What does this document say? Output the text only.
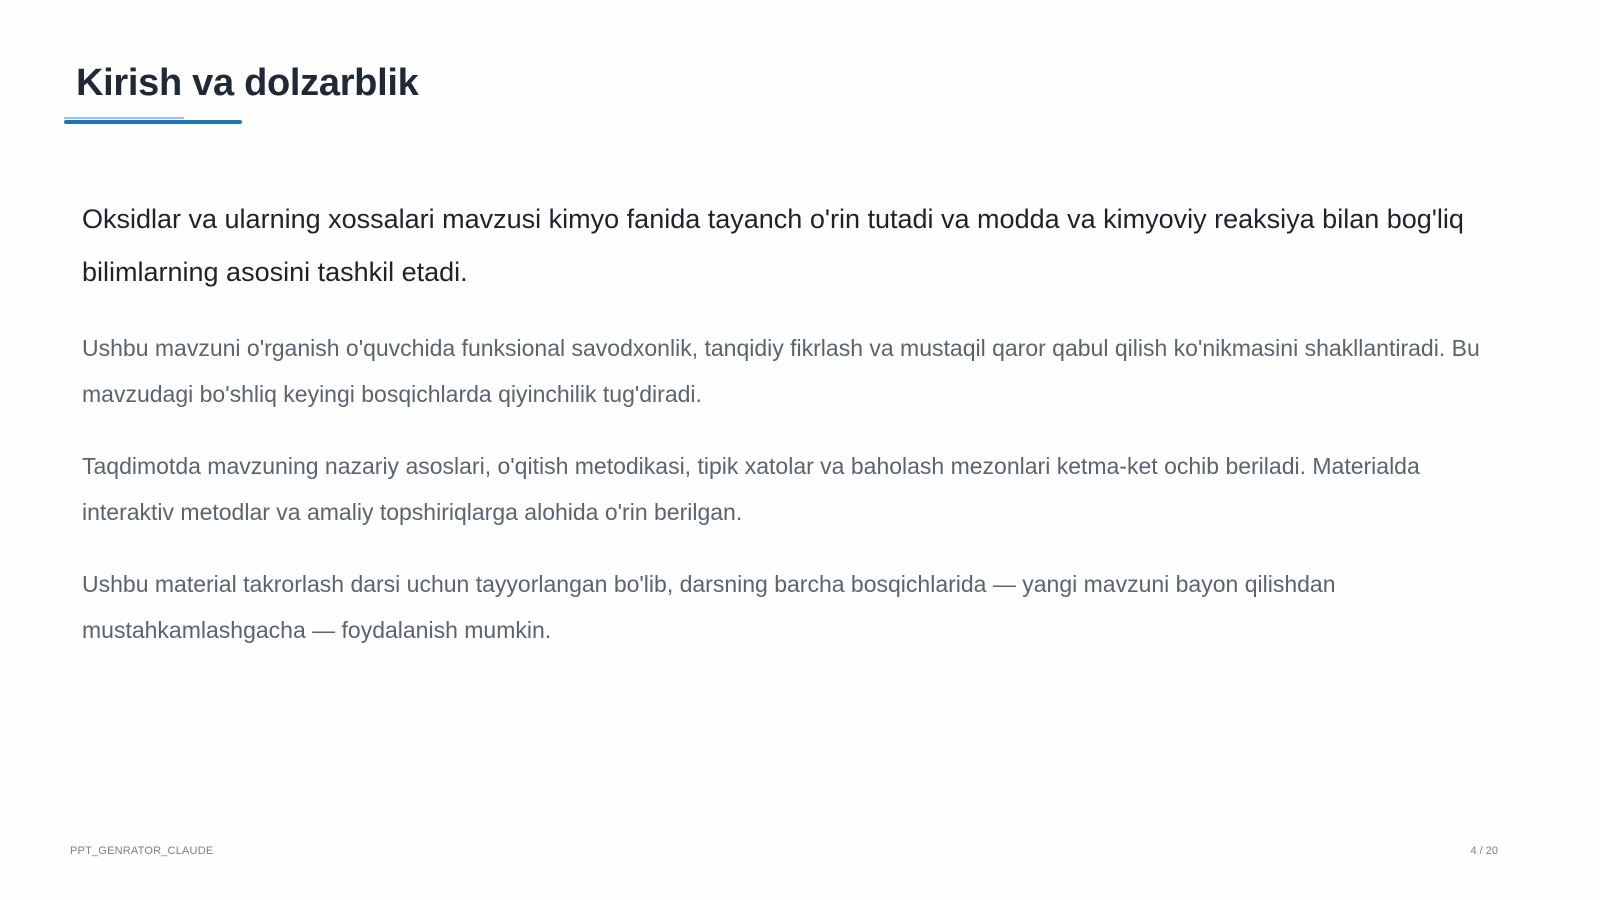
Kirish va dolzarblik

Oksidlar va ularning xossalari mavzusi kimyo fanida tayanch o'rin tutadi va modda va kimyoviy reaksiya bilan bog'liq bilimlarning asosini tashkil etadi.

Ushbu mavzuni o'rganish o'quvchida funksional savodxonlik, tanqidiy fikrlash va mustaqil qaror qabul qilish ko'nikmasini shakllantiradi. Bu mavzudagi bo'shliq keyingi bosqichlarda qiyinchilik tug'diradi.

Taqdimotda mavzuning nazariy asoslari, o'qitish metodikasi, tipik xatolar va baholash mezonlari ketma-ket ochib beriladi. Materialda interaktiv metodlar va amaliy topshiriqlarga alohida o'rin berilgan.

Ushbu material takrorlash darsi uchun tayyorlangan bo'lib, darsning barcha bosqichlarida — yangi mavzuni bayon qilishdan mustahkamlashgacha — foydalanish mumkin.

PPT_GENRATOR_CLAUDE	4 / 20
